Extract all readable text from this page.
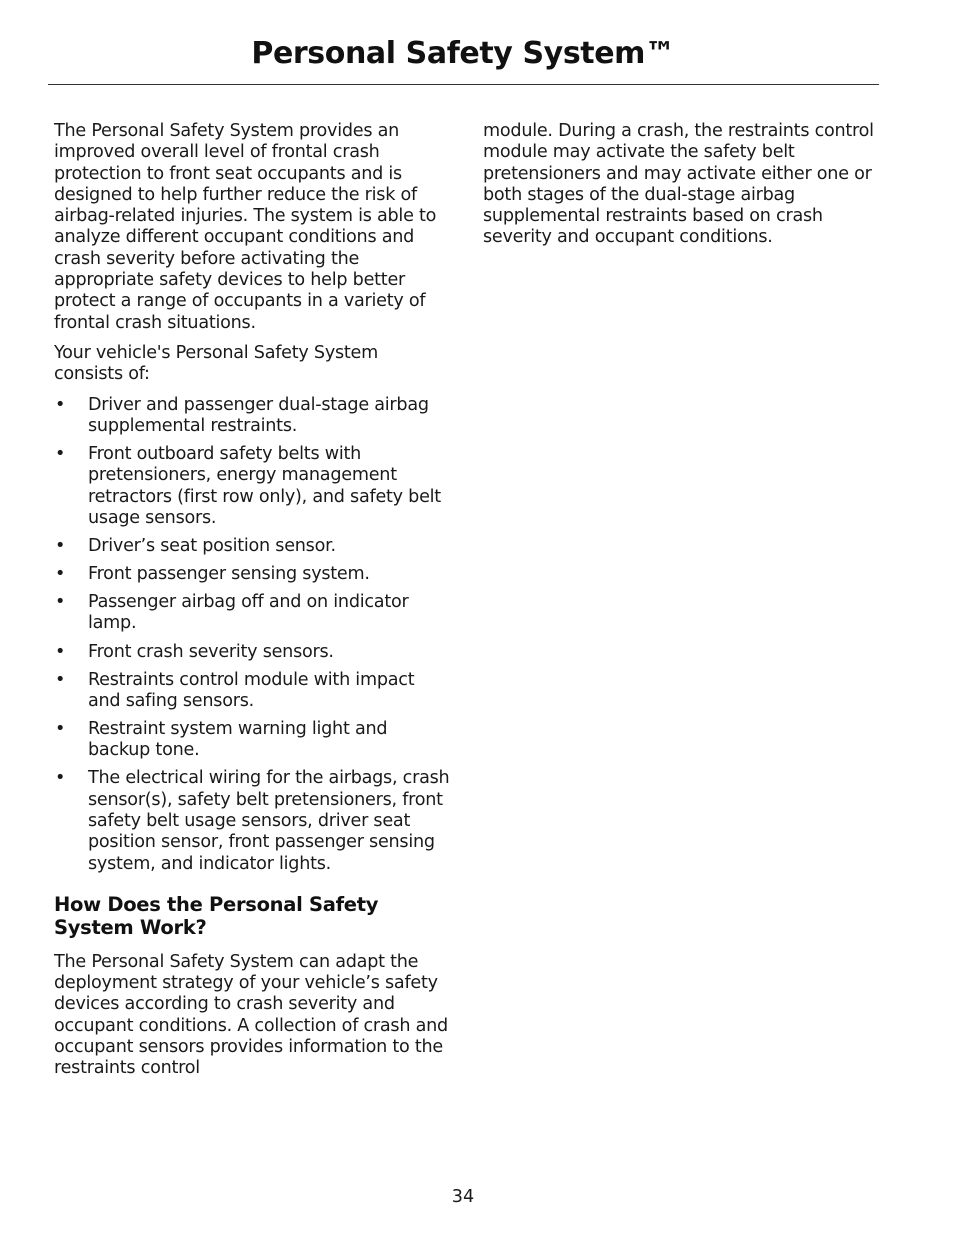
Personal Safety System™

The Personal Safety System provides an improved overall level of frontal crash protection to front seat occupants and is designed to help further reduce the risk of airbag-related injuries. The system is able to analyze different occupant conditions and crash severity before activating the appropriate safety devices to help better protect a range of occupants in a variety of frontal crash situations.

Your vehicle's Personal Safety System consists of:

• Driver and passenger dual-stage airbag supplemental restraints.
• Front outboard safety belts with pretensioners, energy management retractors (first row only), and safety belt usage sensors.
• Driver’s seat position sensor.
• Front passenger sensing system.
• Passenger airbag off and on indicator lamp.
• Front crash severity sensors.
• Restraints control module with impact and safing sensors.
• Restraint system warning light and backup tone.
• The electrical wiring for the airbags, crash sensor(s), safety belt pretensioners, front safety belt usage sensors, driver seat position sensor, front passenger sensing system, and indicator lights.
How Does the Personal Safety System Work?

The Personal Safety System can adapt the deployment strategy of your vehicle’s safety devices according to crash severity and occupant conditions. A collection of crash and occupant sensors provides information to the restraints control

module. During a crash, the restraints control module may activate the safety belt pretensioners and may activate either one or both stages of the dual-stage airbag supplemental restraints based on crash severity and occupant conditions.

34
